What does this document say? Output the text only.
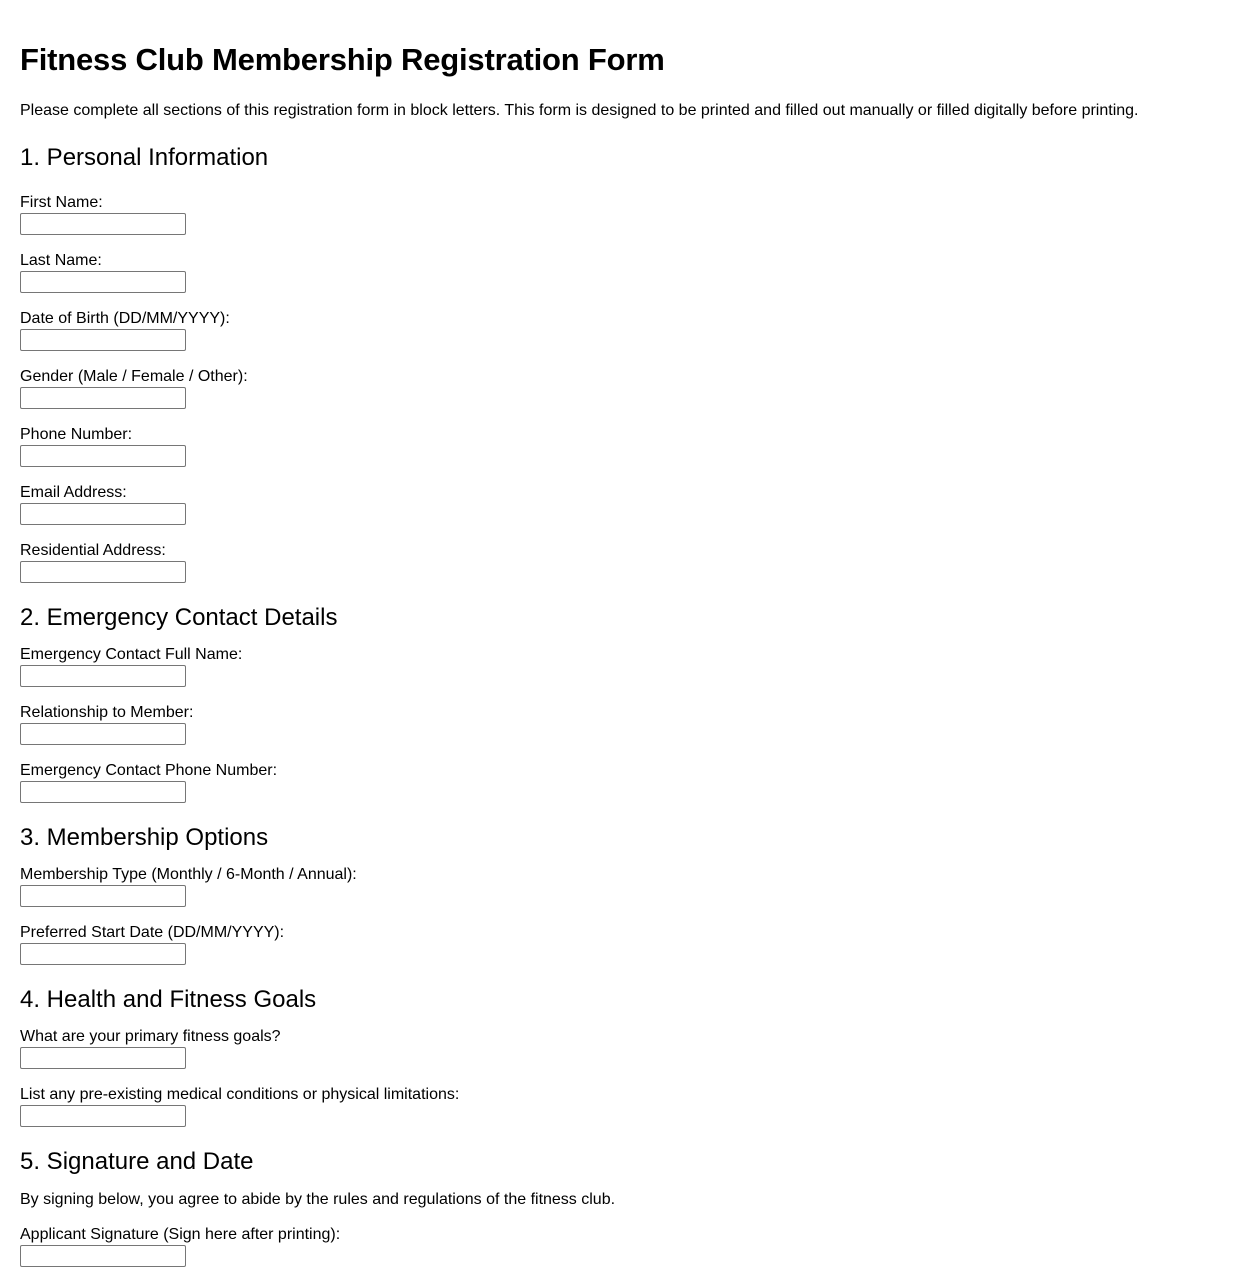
Fitness Club Membership Registration Form

Please complete all sections of this registration form in block letters. This form is designed to be printed and filled out manually or filled digitally before printing.

1. Personal Information
First Name:
Last Name:
Date of Birth (DD/MM/YYYY):
Gender (Male / Female / Other):
Phone Number:
Email Address:
Residential Address:
2. Emergency Contact Details
Emergency Contact Full Name:
Relationship to Member:
Emergency Contact Phone Number:
3. Membership Options
Membership Type (Monthly / 6-Month / Annual):
Preferred Start Date (DD/MM/YYYY):
4. Health and Fitness Goals
What are your primary fitness goals?
List any pre-existing medical conditions or physical limitations:
5. Signature and Date

By signing below, you agree to abide by the rules and regulations of the fitness club.

Applicant Signature (Sign here after printing):
